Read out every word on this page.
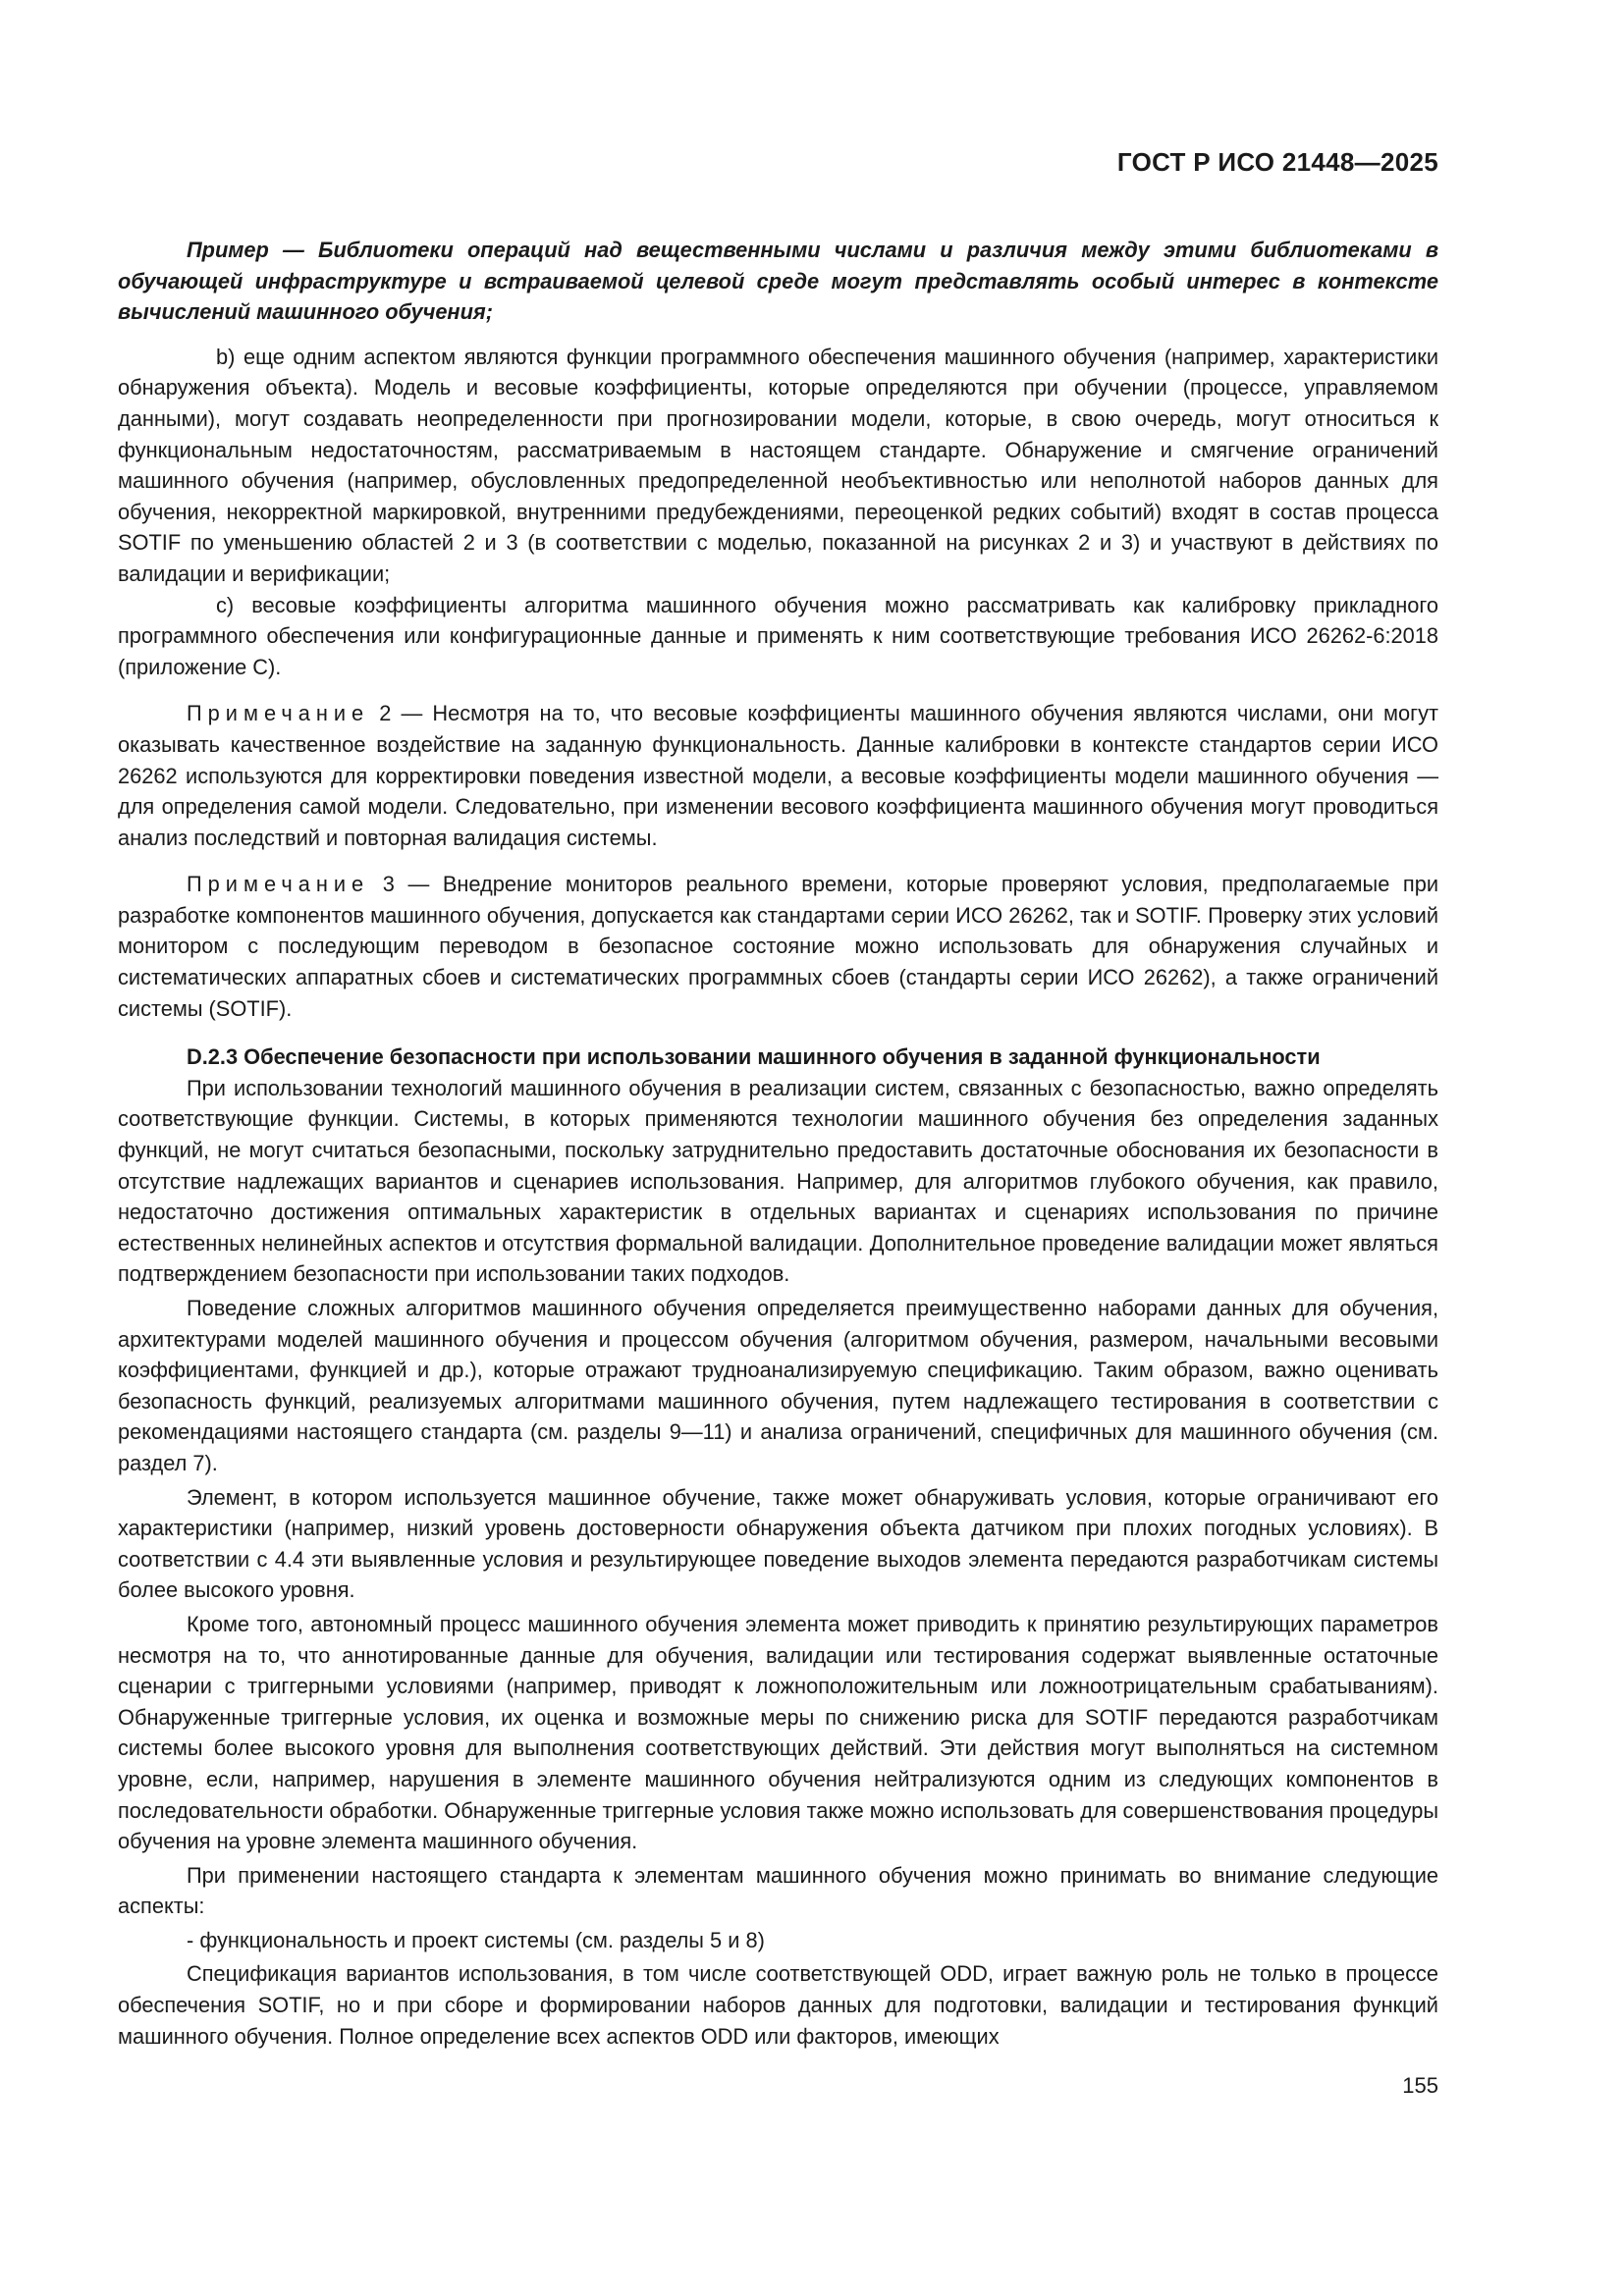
ГОСТ Р ИСО 21448—2025

Пример — Библиотеки операций над вещественными числами и различия между этими библиотеками в обучающей инфраструктуре и встраиваемой целевой среде могут представлять особый интерес в контексте вычислений машинного обучения;

b) еще одним аспектом являются функции программного обеспечения машинного обучения (например, характеристики обнаружения объекта). Модель и весовые коэффициенты, которые определяются при обучении (процессе, управляемом данными), могут создавать неопределенности при прогнозировании модели, которые, в свою очередь, могут относиться к функциональным недостаточностям, рассматриваемым в настоящем стандарте. Обнаружение и смягчение ограничений машинного обучения (например, обусловленных предопределенной необъективностью или неполнотой наборов данных для обучения, некорректной маркировкой, внутренними предубеждениями, переоценкой редких событий) входят в состав процесса SOTIF по уменьшению областей 2 и 3 (в соответствии с моделью, показанной на рисунках 2 и 3) и участвуют в действиях по валидации и верификации;

c) весовые коэффициенты алгоритма машинного обучения можно рассматривать как калибровку прикладного программного обеспечения или конфигурационные данные и применять к ним соответствующие требования ИСО 26262-6:2018 (приложение С).

Примечание 2 — Несмотря на то, что весовые коэффициенты машинного обучения являются числами, они могут оказывать качественное воздействие на заданную функциональность. Данные калибровки в контексте стандартов серии ИСО 26262 используются для корректировки поведения известной модели, а весовые коэффициенты модели машинного обучения — для определения самой модели. Следовательно, при изменении весового коэффициента машинного обучения могут проводиться анализ последствий и повторная валидация системы.

Примечание 3 — Внедрение мониторов реального времени, которые проверяют условия, предполагаемые при разработке компонентов машинного обучения, допускается как стандартами серии ИСО 26262, так и SOTIF. Проверку этих условий монитором с последующим переводом в безопасное состояние можно использовать для обнаружения случайных и систематических аппаратных сбоев и систематических программных сбоев (стандарты серии ИСО 26262), а также ограничений системы (SOTIF).

D.2.3 Обеспечение безопасности при использовании машинного обучения в заданной функциональности

При использовании технологий машинного обучения в реализации систем, связанных с безопасностью, важно определять соответствующие функции. Системы, в которых применяются технологии машинного обучения без определения заданных функций, не могут считаться безопасными, поскольку затруднительно предоставить достаточные обоснования их безопасности в отсутствие надлежащих вариантов и сценариев использования. Например, для алгоритмов глубокого обучения, как правило, недостаточно достижения оптимальных характеристик в отдельных вариантах и сценариях использования по причине естественных нелинейных аспектов и отсутствия формальной валидации. Дополнительное проведение валидации может являться подтверждением безопасности при использовании таких подходов.

Поведение сложных алгоритмов машинного обучения определяется преимущественно наборами данных для обучения, архитектурами моделей машинного обучения и процессом обучения (алгоритмом обучения, размером, начальными весовыми коэффициентами, функцией и др.), которые отражают трудноанализируемую спецификацию. Таким образом, важно оценивать безопасность функций, реализуемых алгоритмами машинного обучения, путем надлежащего тестирования в соответствии с рекомендациями настоящего стандарта (см. разделы 9—11) и анализа ограничений, специфичных для машинного обучения (см. раздел 7).

Элемент, в котором используется машинное обучение, также может обнаруживать условия, которые ограничивают его характеристики (например, низкий уровень достоверности обнаружения объекта датчиком при плохих погодных условиях). В соответствии с 4.4 эти выявленные условия и результирующее поведение выходов элемента передаются разработчикам системы более высокого уровня.

Кроме того, автономный процесс машинного обучения элемента может приводить к принятию результирующих параметров несмотря на то, что аннотированные данные для обучения, валидации или тестирования содержат выявленные остаточные сценарии с триггерными условиями (например, приводят к ложноположительным или ложноотрицательным срабатываниям). Обнаруженные триггерные условия, их оценка и возможные меры по снижению риска для SOTIF передаются разработчикам системы более высокого уровня для выполнения соответствующих действий. Эти действия могут выполняться на системном уровне, если, например, нарушения в элементе машинного обучения нейтрализуются одним из следующих компонентов в последовательности обработки. Обнаруженные триггерные условия также можно использовать для совершенствования процедуры обучения на уровне элемента машинного обучения.

При применении настоящего стандарта к элементам машинного обучения можно принимать во внимание следующие аспекты:

- функциональность и проект системы (см. разделы 5 и 8)

Спецификация вариантов использования, в том числе соответствующей ODD, играет важную роль не только в процессе обеспечения SOTIF, но и при сборе и формировании наборов данных для подготовки, валидации и тестирования функций машинного обучения. Полное определение всех аспектов ODD или факторов, имеющих

155
